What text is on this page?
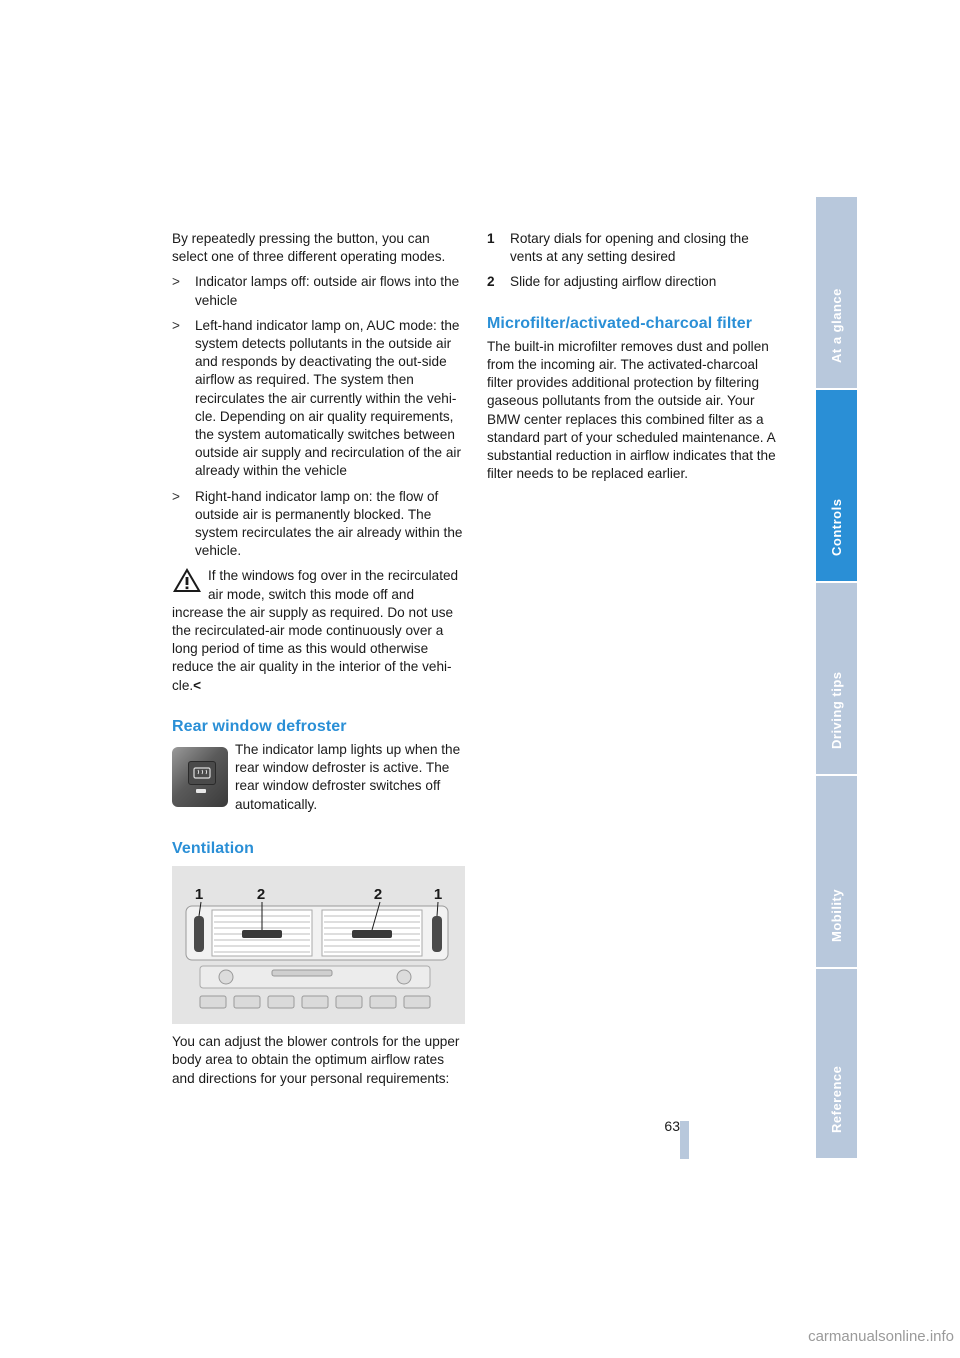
By repeatedly pressing the button, you can select one of three different operating modes.

> Indicator lamps off: outside air flows into the vehicle
> Left-hand indicator lamp on, AUC mode: the system detects pollutants in the outside air and responds by deactivating the out-side airflow as required. The system then recirculates the air currently within the vehi-cle. Depending on air quality requirements, the system automatically switches between outside air supply and recirculation of the air already within the vehicle
> Right-hand indicator lamp on: the flow of outside air is permanently blocked. The system recirculates the air already within the vehicle.
If the windows fog over in the recirculated air mode, switch this mode off and increase the air supply as required. Do not use the recirculated-air mode continuously over a long period of time as this would otherwise reduce the air quality in the interior of the vehi-cle.<
Rear window defroster

The indicator lamp lights up when the rear window defroster is active. The rear window defroster switches off automatically.

Ventilation
1	2	2	1

You can adjust the blower controls for the upper body area to obtain the optimum airflow rates and directions for your personal requirements:

1 Rotary dials for opening and closing the vents at any setting desired
2 Slide for adjusting airflow direction
Microfilter/activated-charcoal filter

The built-in microfilter removes dust and pollen from the incoming air. The activated-charcoal filter provides additional protection by filtering gaseous pollutants from the outside air. Your BMW center replaces this combined filter as a standard part of your scheduled maintenance. A substantial reduction in airflow indicates that the filter needs to be replaced earlier.

At a glance
Controls
Driving tips
Mobility
Reference
63
carmanualsonline.info
